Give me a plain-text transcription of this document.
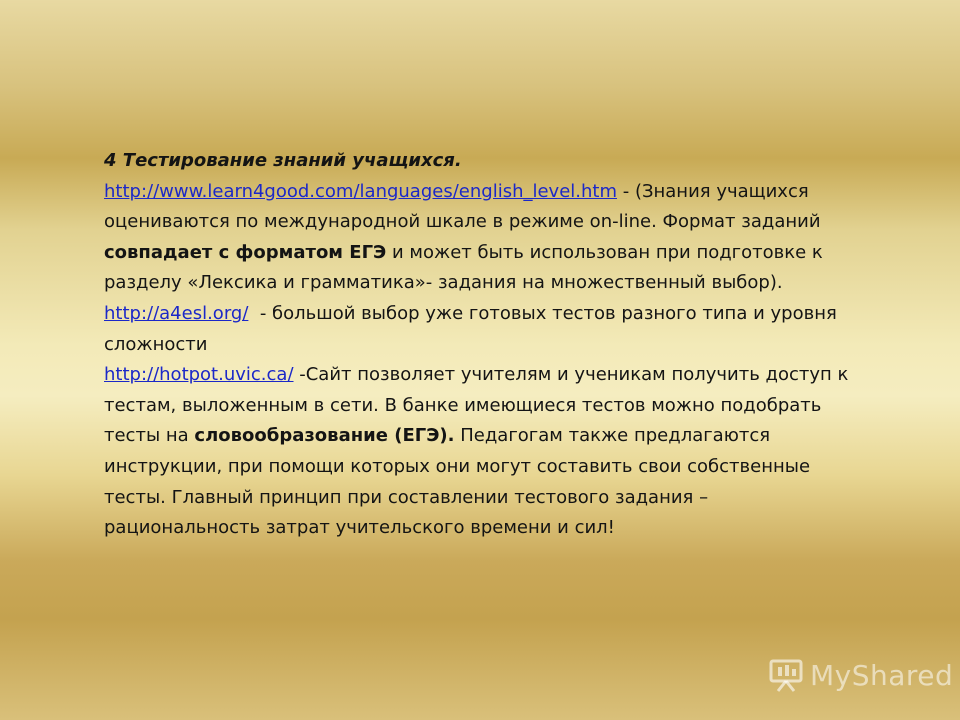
4 Тестирование знаний учащихся.
http://www.learn4good.com/languages/english_level.htm - (Знания учащихся оцениваются по международной шкале в режиме on-line. Формат заданий совпадает с форматом ЕГЭ и может быть использован при подготовке к разделу «Лексика и грамматика»- задания на множественный выбор).
http://a4esl.org/  - большой выбор уже готовых тестов разного типа и уровня сложности
http://hotpot.uvic.ca/ -Сайт позволяет учителям и ученикам получить доступ к тестам, выложенным в сети. В банке имеющиеся тестов можно подобрать тесты на словообразование (ЕГЭ). Педагогам также предлагаются инструкции, при помощи которых они могут составить свои собственные тесты. Главный принцип при составлении тестового задания – рациональность затрат учительского времени и сил!
MyShared
